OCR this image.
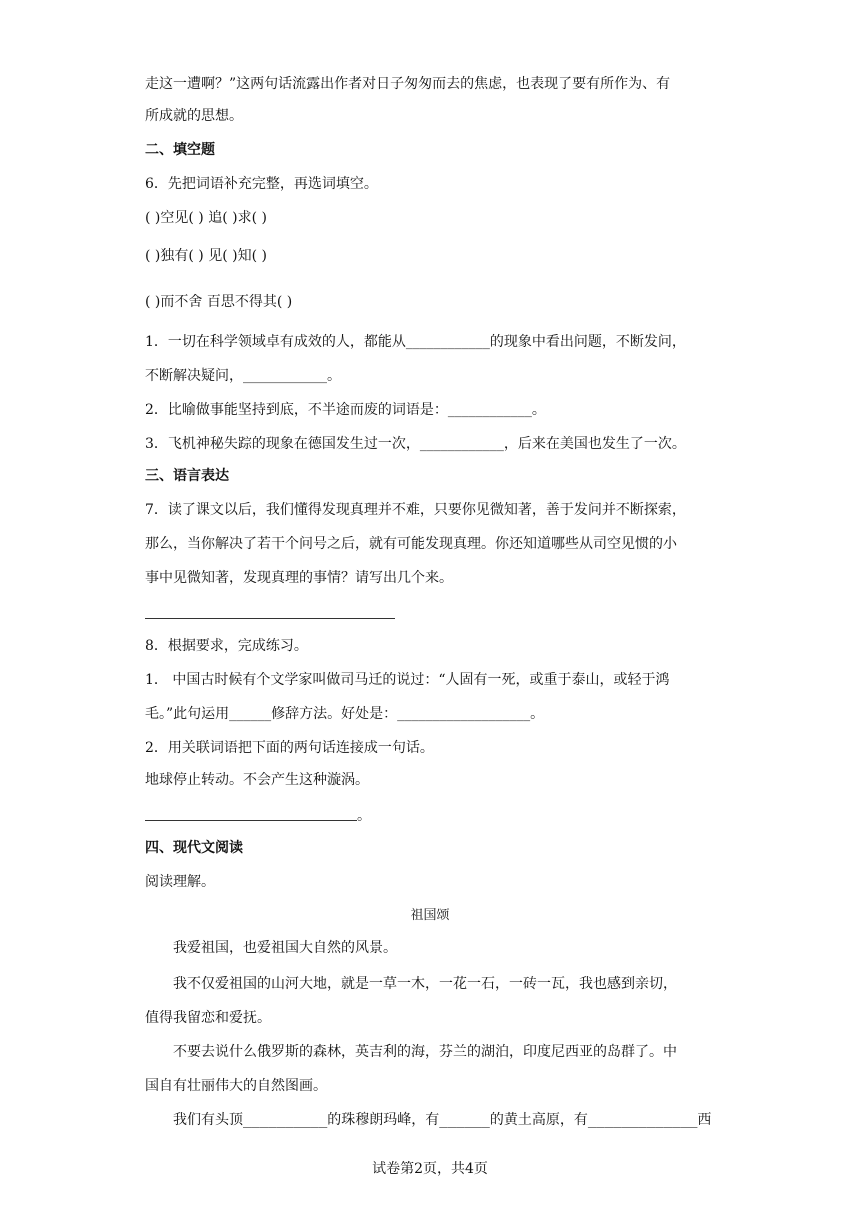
走这一遭啊？”这两句话流露出作者对日子匆匆而去的焦虑，也表现了要有所作为、有
所成就的思想。
二、填空题
6．先把词语补充完整，再选词填空。
( )空见( ) 追( )求( )
( )独有( ) 见( )知( )
( )而不舍 百思不得其( )
1．一切在科学领域卓有成效的人，都能从____________的现象中看出问题，不断发问，
不断解决疑问，____________。
2．比喻做事能坚持到底，不半途而废的词语是：____________。
3．飞机神秘失踪的现象在德国发生过一次，____________，后来在美国也发生了一次。
三、语言表达
7．读了课文以后，我们懂得发现真理并不难，只要你见微知著，善于发问并不断探索，
那么，当你解决了若干个问号之后，就有可能发现真理。你还知道哪些从司空见惯的小
事中见微知著，发现真理的事情？请写出几个来。
8．根据要求，完成练习。
1． 中国古时候有个文学家叫做司马迁的说过：“人固有一死，或重于泰山，或轻于鸿
毛。”此句运用______修辞方法。好处是：___________________。
2．用关联词语把下面的两句话连接成一句话。
地球停止转动。不会产生这种漩涡。
。
四、现代文阅读
阅读理解。
祖国颂
我爱祖国，也爱祖国大自然的风景。
我不仅爱祖国的山河大地，就是一草一木，一花一石，一砖一瓦，我也感到亲切，
值得我留恋和爱抚。
不要去说什么俄罗斯的森林，英吉利的海，芬兰的湖泊，印度尼西亚的岛群了。中
国自有壮丽伟大的自然图画。
我们有头顶__________的珠穆朗玛峰，有______的黄土高原，有_____________西
试卷第2页，共4页
